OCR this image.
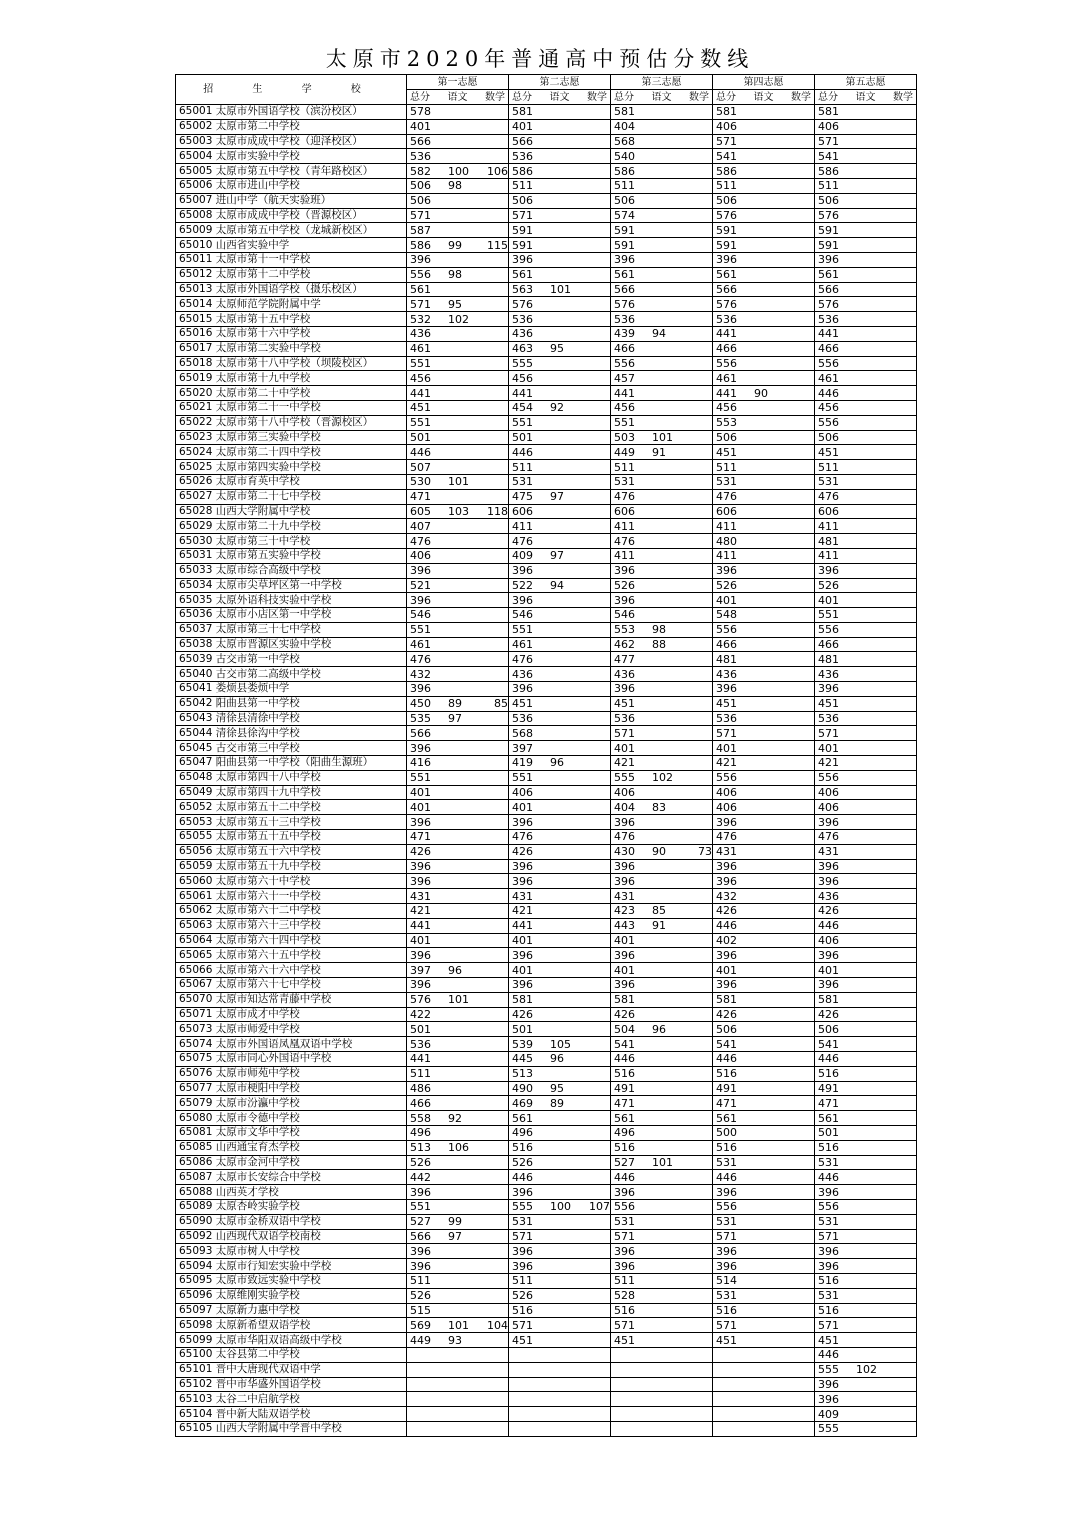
太原市2020年普通高中预估分数线
招 生 学 校	第一志愿	第二志愿	第三志愿	第四志愿	第五志愿

	总分 语文 数学	总分 语文 数学	总分 语文 数学	总分 语文 数学	总分 语文 数学

65001 太原市外国语学校（滨汾校区）	578	581	581	581	581

65002 太原市第二中学校	401	401	404	406	406

65003 太原市成成中学校（迎泽校区）	566	566	568	571	571

65004 太原市实验中学校	536	536	540	541	541

65005 太原市第五中学校（青年路校区）	582 100 106	586	586	586	586

65006 太原市进山中学校	506 98	511	511	511	511

65007 进山中学（航天实验班）	506	506	506	506	506

65008 太原市成成中学校（晋源校区）	571	571	574	576	576

65009 太原市第五中学校（龙城新校区）	587	591	591	591	591

65010 山西省实验中学	586 99 115	591	591	591	591

65011 太原市第十一中学校	396	396	396	396	396

65012 太原市第十二中学校	556 98	561	561	561	561

65013 太原市外国语学校（摄乐校区）	561	563 101	566	566	566

65014 太原师范学院附属中学	571 95	576	576	576	576

65015 太原市第十五中学校	532 102	536	536	536	536

65016 太原市第十六中学校	436	436	439 94	441	441

65017 太原市第二实验中学校	461	463 95	466	466	466

65018 太原市第十八中学校（坝陵校区）	551	555	556	556	556

65019 太原市第十九中学校	456	456	457	461	461

65020 太原市第二十中学校	441	441	441	441 90	446

65021 太原市第二十一中学校	451	454 92	456	456	456

65022 太原市第十八中学校（晋源校区）	551	551	551	553	556

65023 太原市第三实验中学校	501	501	503 101	506	506

65024 太原市第二十四中学校	446	446	449 91	451	451

65025 太原市第四实验中学校	507	511	511	511	511

65026 太原市育英中学校	530 101	531	531	531	531

65027 太原市第二十七中学校	471	475 97	476	476	476

65028 山西大学附属中学校	605 103 118	606	606	606	606

65029 太原市第二十九中学校	407	411	411	411	411

65030 太原市第三十中学校	476	476	476	480	481

65031 太原市第五实验中学校	406	409 97	411	411	411

65033 太原市综合高级中学校	396	396	396	396	396

65034 太原市尖草坪区第一中学校	521	522 94	526	526	526

65035 太原外语科技实验中学校	396	396	396	401	401

65036 太原市小店区第一中学校	546	546	546	548	551

65037 太原市第三十七中学校	551	551	553 98	556	556

65038 太原市晋源区实验中学校	461	461	462 88	466	466

65039 古交市第一中学校	476	476	477	481	481

65040 古交市第二高级中学校	432	436	436	436	436

65041 娄烦县娄烦中学	396	396	396	396	396

65042 阳曲县第一中学校	450 89 85	451	451	451	451

65043 清徐县清徐中学校	535 97	536	536	536	536

65044 清徐县徐沟中学校	566	568	571	571	571

65045 古交市第三中学校	396	397	401	401	401

65047 阳曲县第一中学校（阳曲生源班）	416	419 96	421	421	421

65048 太原市第四十八中学校	551	551	555 102	556	556

65049 太原市第四十九中学校	401	406	406	406	406

65052 太原市第五十二中学校	401	401	404 83	406	406

65053 太原市第五十三中学校	396	396	396	396	396

65055 太原市第五十五中学校	471	476	476	476	476

65056 太原市第五十六中学校	426	426	430 90 73	431	431

65059 太原市第五十九中学校	396	396	396	396	396

65060 太原市第六十中学校	396	396	396	396	396

65061 太原市第六十一中学校	431	431	431	432	436

65062 太原市第六十二中学校	421	421	423 85	426	426

65063 太原市第六十三中学校	441	441	443 91	446	446

65064 太原市第六十四中学校	401	401	401	402	406

65065 太原市第六十五中学校	396	396	396	396	396

65066 太原市第六十六中学校	397 96	401	401	401	401

65067 太原市第六十七中学校	396	396	396	396	396

65070 太原市知达常青藤中学校	576 101	581	581	581	581

65071 太原市成才中学校	422	426	426	426	426

65073 太原市师爱中学校	501	501	504 96	506	506

65074 太原市外国语凤凰双语中学校	536	539 105	541	541	541

65075 太原市同心外国语中学校	441	445 96	446	446	446

65076 太原市师苑中学校	511	513	516	516	516

65077 太原市梗阳中学校	486	490 95	491	491	491

65079 太原市汾瀛中学校	466	469 89	471	471	471

65080 太原市令德中学校	558 92	561	561	561	561

65081 太原市文华中学校	496	496	496	500	501

65085 山西通宝育杰学校	513 106	516	516	516	516

65086 太原市金河中学校	526	526	527 101	531	531

65087 太原市长安综合中学校	442	446	446	446	446

65088 山西英才学校	396	396	396	396	396

65089 太原杏岭实验学校	551	555 100 107	556	556	556

65090 太原市金桥双语中学校	527 99	531	531	531	531

65092 山西现代双语学校南校	566 97	571	571	571	571

65093 太原市树人中学校	396	396	396	396	396

65094 太原市行知宏实验中学校	396	396	396	396	396

65095 太原市致远实验中学校	511	511	511	514	516

65096 太原维刚实验学校	526	526	528	531	531

65097 太原新力惠中学校	515	516	516	516	516

65098 太原新希望双语学校	569 101 104	571	571	571	571

65099 太原市华阳双语高级中学校	449 93	451	451	451	451

65100 太谷县第二中学校					446

65101 晋中大唐现代双语中学					555 102

65102 晋中市华盛外国语学校					396

65103 太谷二中启航学校					396

65104 晋中新大陆双语学校					409

65105 山西大学附属中学晋中学校					555
